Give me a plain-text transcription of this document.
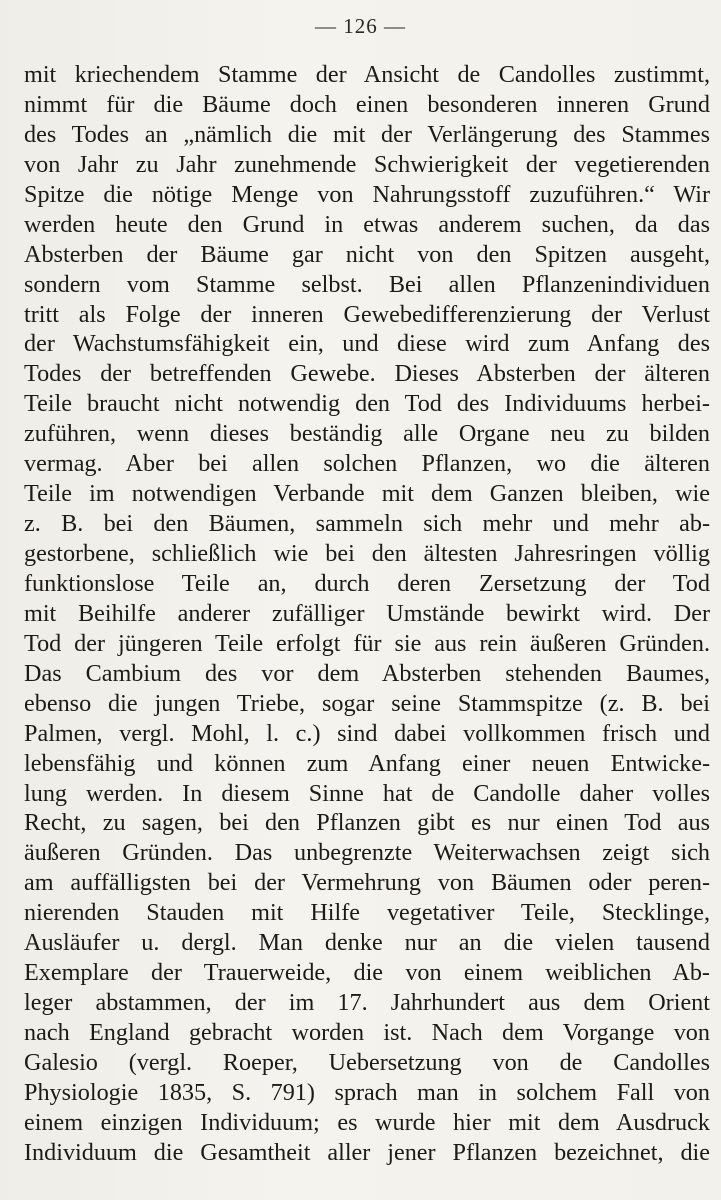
— 126 —
mit kriechendem Stamme der Ansicht de Candolles zustimmt,
nimmt für die Bäume doch einen besonderen inneren Grund
des Todes an „nämlich die mit der Verlängerung des Stammes
von Jahr zu Jahr zunehmende Schwierigkeit der vegetierenden
Spitze die nötige Menge von Nahrungsstoff zuzuführen.“ Wir
werden heute den Grund in etwas anderem suchen, da das
Absterben der Bäume gar nicht von den Spitzen ausgeht,
sondern vom Stamme selbst. Bei allen Pflanzenindividuen
tritt als Folge der inneren Gewebedifferenzierung der Verlust
der Wachstumsfähigkeit ein, und diese wird zum Anfang des
Todes der betreffenden Gewebe. Dieses Absterben der älteren
Teile braucht nicht notwendig den Tod des Individuums herbei-
zuführen, wenn dieses beständig alle Organe neu zu bilden
vermag. Aber bei allen solchen Pflanzen, wo die älteren
Teile im notwendigen Verbande mit dem Ganzen bleiben, wie
z. B. bei den Bäumen, sammeln sich mehr und mehr ab-
gestorbene, schließlich wie bei den ältesten Jahresringen völlig
funktionslose Teile an, durch deren Zersetzung der Tod
mit Beihilfe anderer zufälliger Umstände bewirkt wird. Der
Tod der jüngeren Teile erfolgt für sie aus rein äußeren Gründen.
Das Cambium des vor dem Absterben stehenden Baumes,
ebenso die jungen Triebe, sogar seine Stammspitze (z. B. bei
Palmen, vergl. Mohl, l. c.) sind dabei vollkommen frisch und
lebensfähig und können zum Anfang einer neuen Entwicke-
lung werden. In diesem Sinne hat de Candolle daher volles
Recht, zu sagen, bei den Pflanzen gibt es nur einen Tod aus
äußeren Gründen. Das unbegrenzte Weiterwachsen zeigt sich
am auffälligsten bei der Vermehrung von Bäumen oder peren-
nierenden Stauden mit Hilfe vegetativer Teile, Stecklinge,
Ausläufer u. dergl. Man denke nur an die vielen tausend
Exemplare der Trauerweide, die von einem weiblichen Ab-
leger abstammen, der im 17. Jahrhundert aus dem Orient
nach England gebracht worden ist. Nach dem Vorgange von
Galesio (vergl. Roeper, Uebersetzung von de Candolles
Physiologie 1835, S. 791) sprach man in solchem Fall von
einem einzigen Individuum; es wurde hier mit dem Ausdruck
Individuum die Gesamtheit aller jener Pflanzen bezeichnet, die
